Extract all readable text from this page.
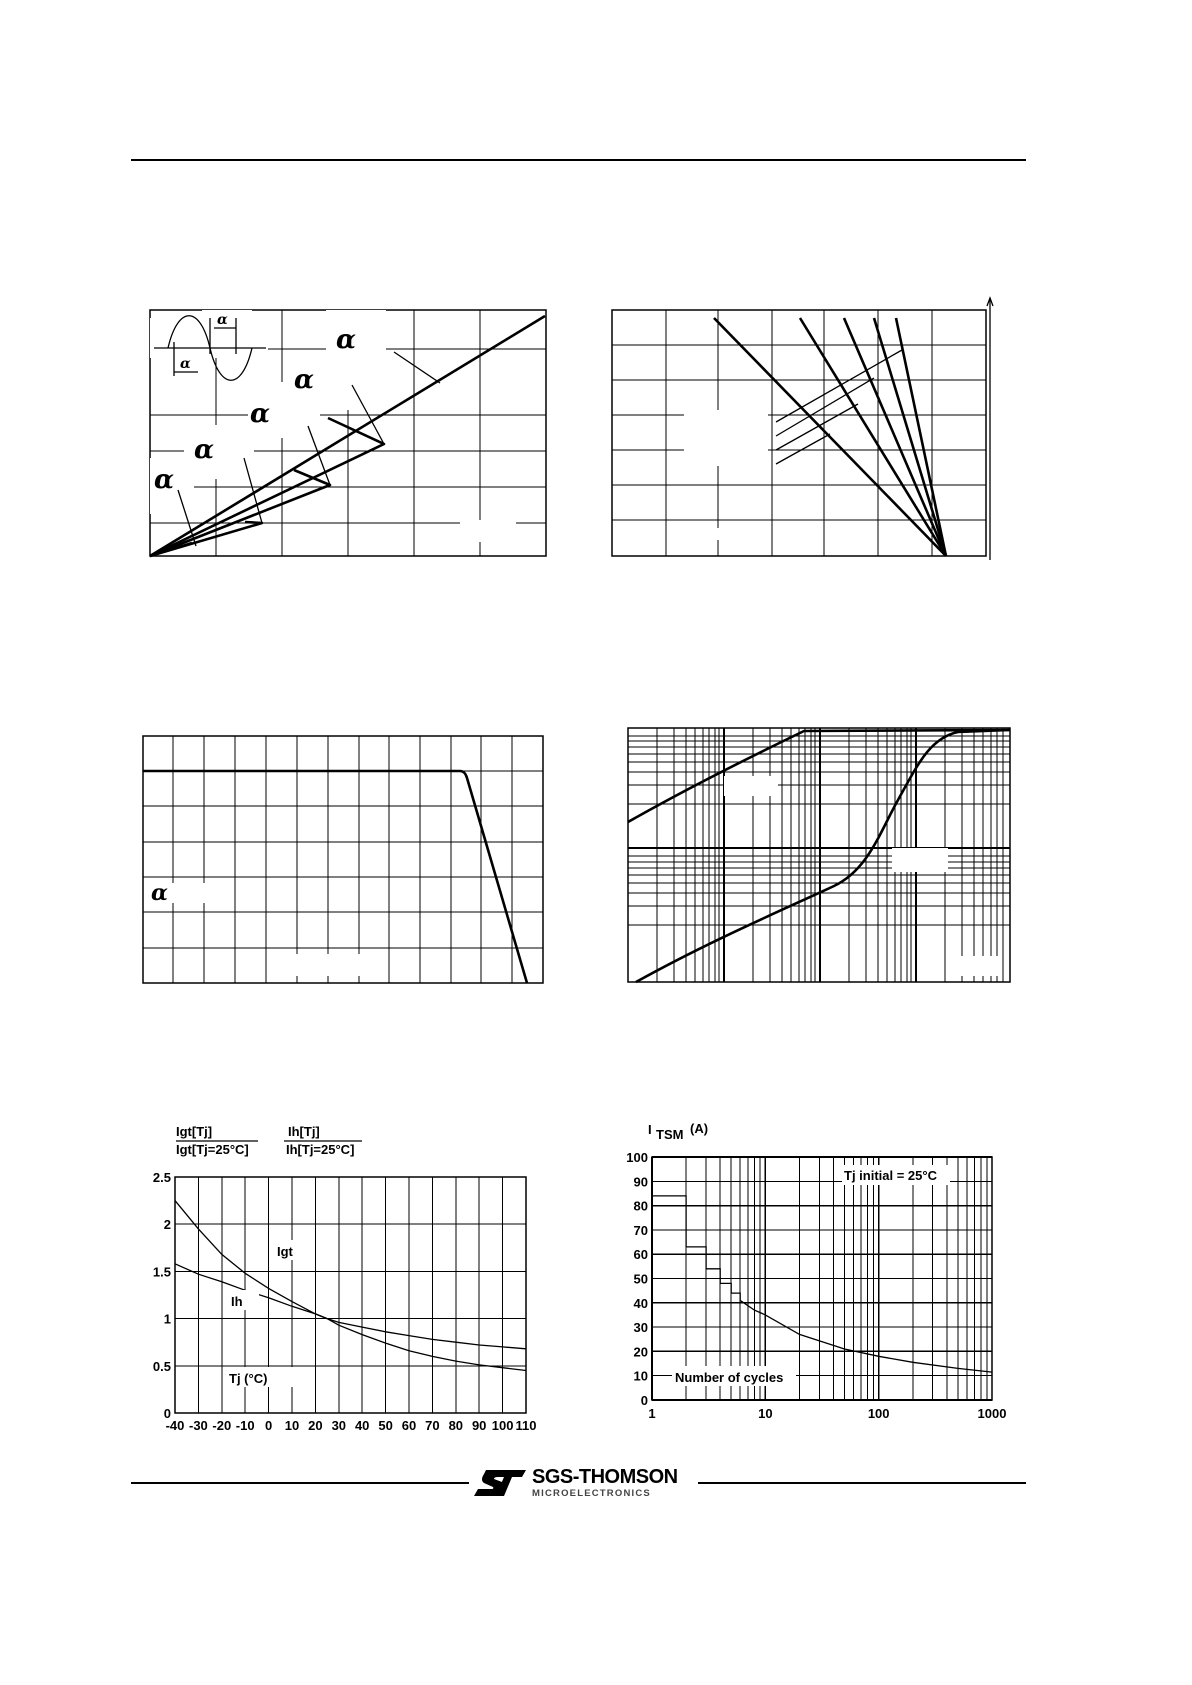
α
α
α
α
α
α
α
α
Igt[Tj]
Igt[Tj=25°C]
Ih[Tj]
Ih[Tj=25°C]
0
0.5
1
1.5
2
2.5
-40 -30 -20 -10 0 10 20 30 40 50 60 70 80 90 100 110
Igt
Ih
Tj (°C)
I TSM (A)
0
10
20
30
40
50
60
70
80
90
100
1	10	100	1000
Tj initial = 25°C
Number of cycles
SGS-THOMSON
MICROELECTRONICS
